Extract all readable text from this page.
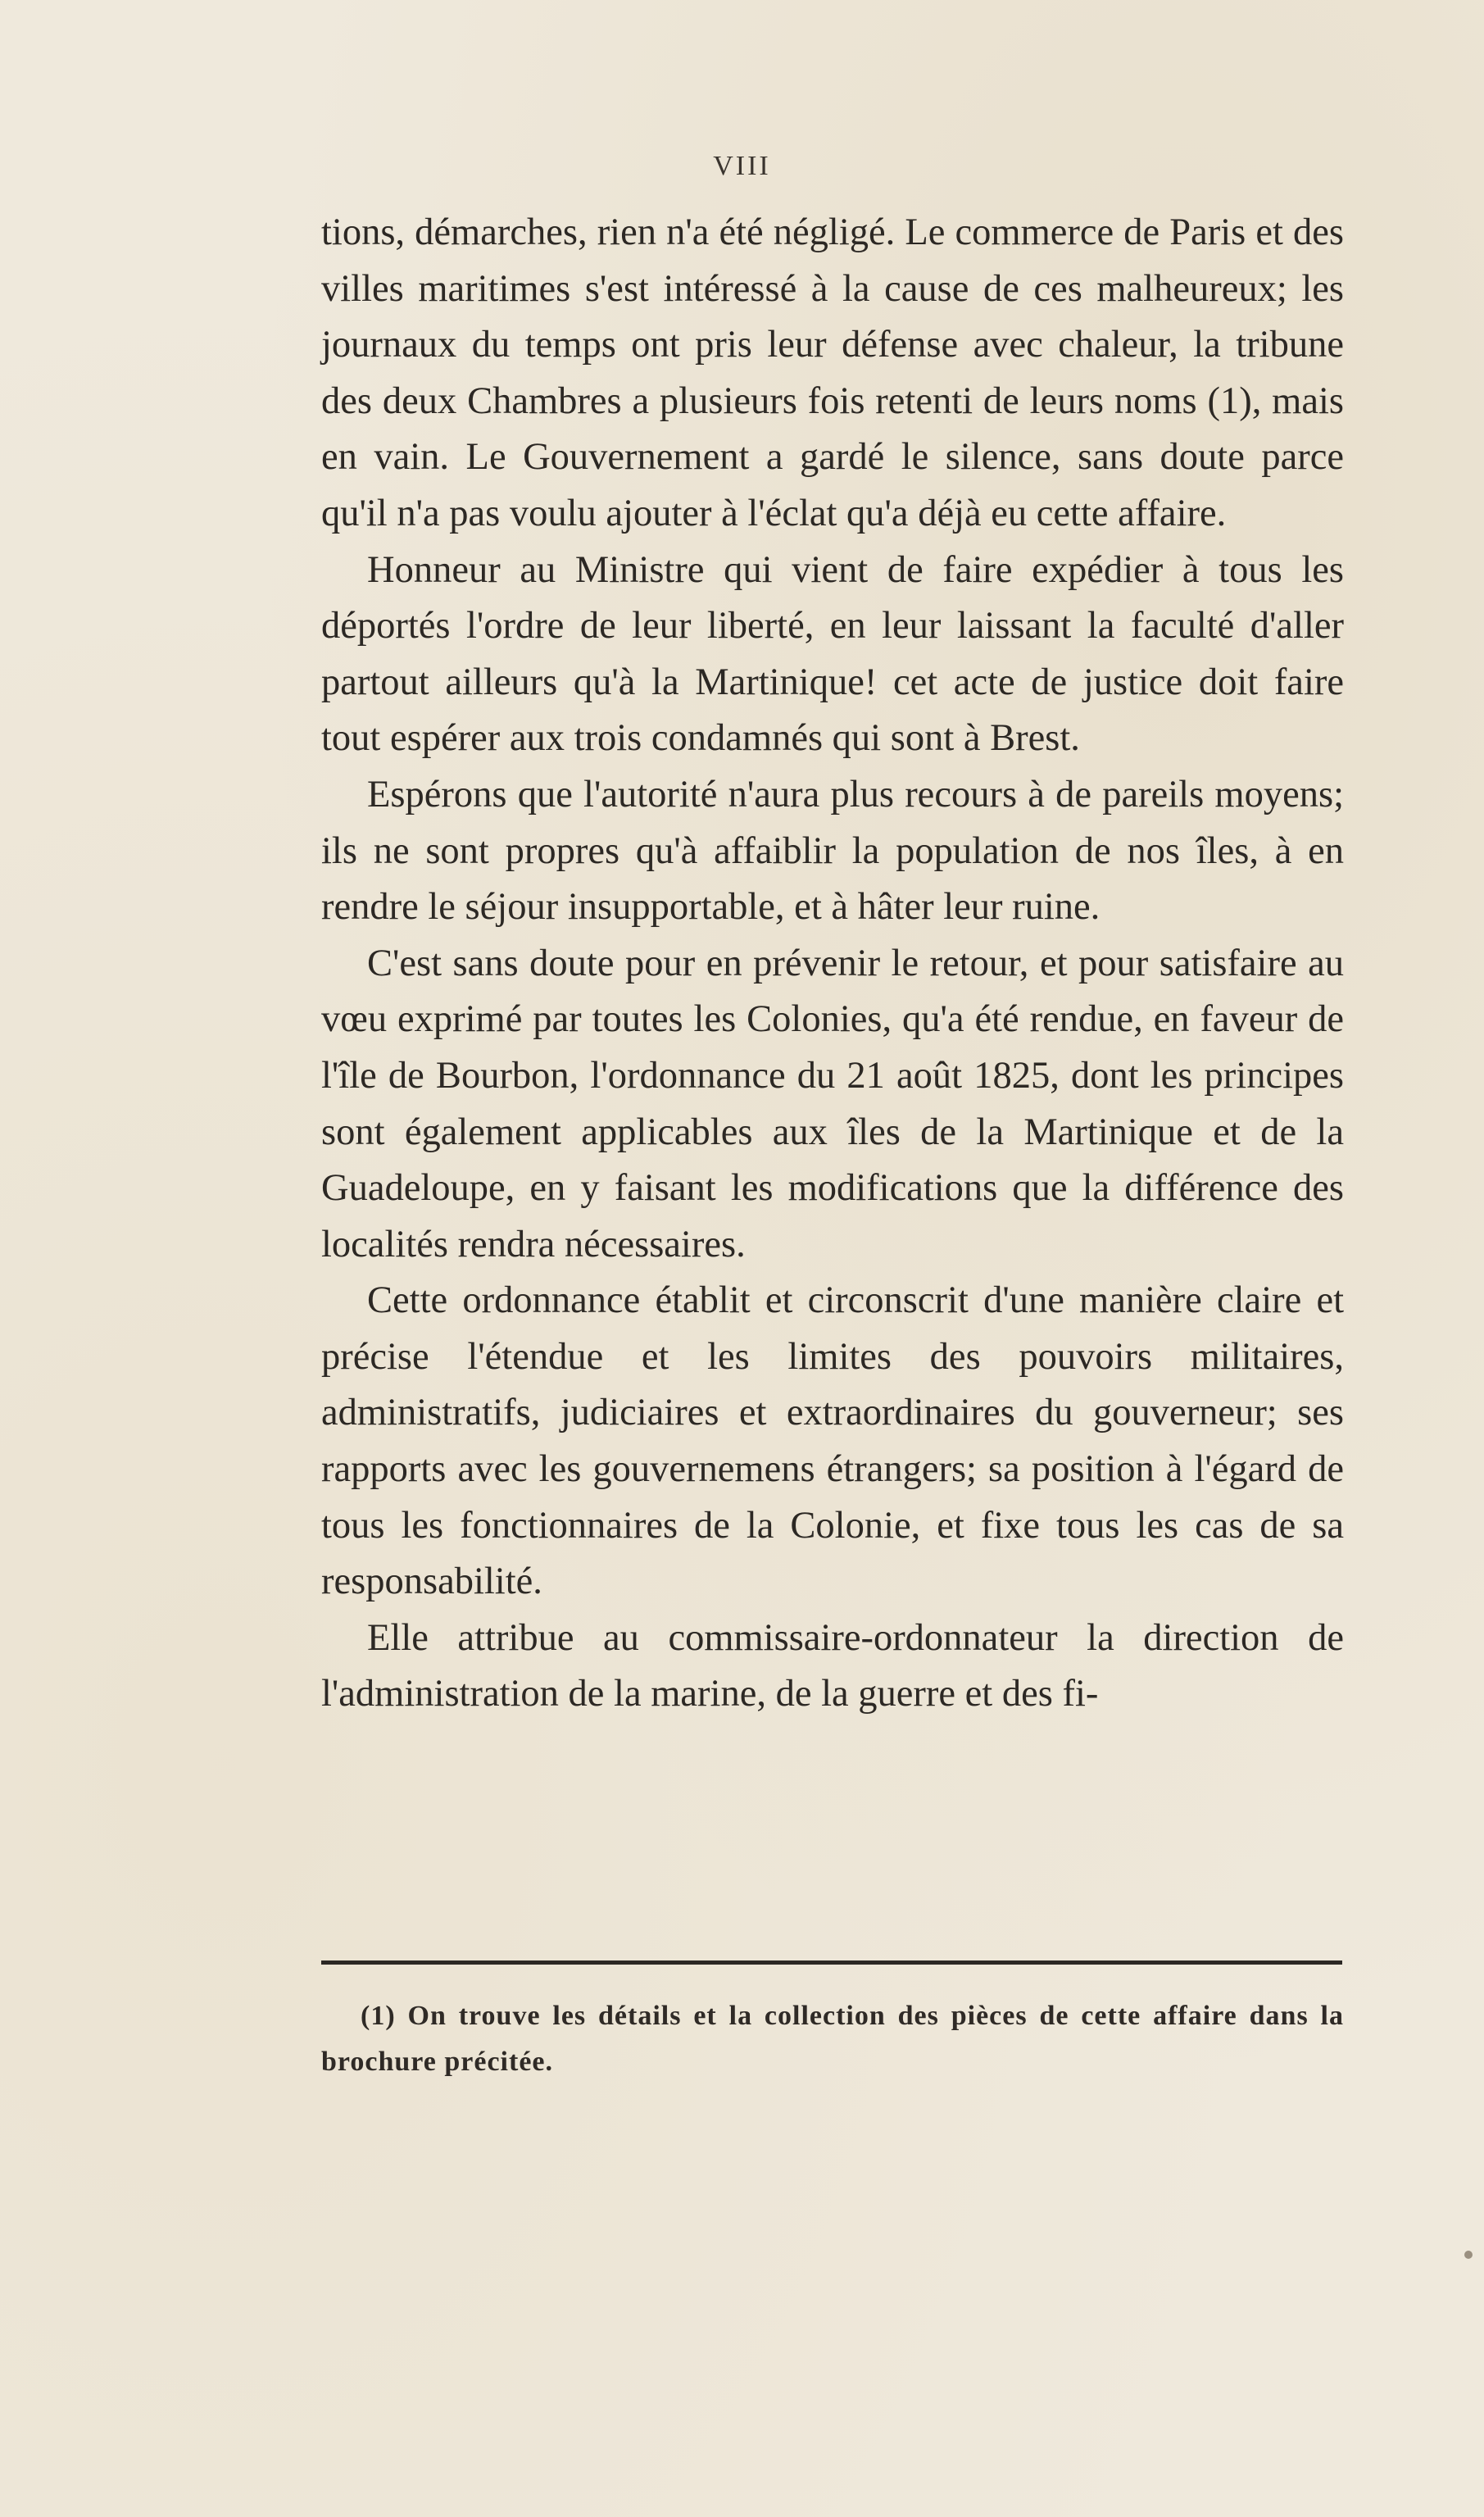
VIII

tions, démarches, rien n'a été négligé. Le commerce de Paris et des villes maritimes s'est intéressé à la cause de ces malheureux; les journaux du temps ont pris leur défense avec chaleur, la tribune des deux Chambres a plusieurs fois retenti de leurs noms (1), mais en vain. Le Gouvernement a gardé le silence, sans doute parce qu'il n'a pas voulu ajouter à l'éclat qu'a déjà eu cette affaire.

Honneur au Ministre qui vient de faire expédier à tous les déportés l'ordre de leur liberté, en leur laissant la faculté d'aller partout ailleurs qu'à la Martinique! cet acte de justice doit faire tout espérer aux trois condamnés qui sont à Brest.

Espérons que l'autorité n'aura plus recours à de pareils moyens; ils ne sont propres qu'à affaiblir la population de nos îles, à en rendre le séjour insupportable, et à hâter leur ruine.

C'est sans doute pour en prévenir le retour, et pour satisfaire au vœu exprimé par toutes les Colonies, qu'a été rendue, en faveur de l'île de Bourbon, l'ordonnance du 21 août 1825, dont les principes sont également applicables aux îles de la Martinique et de la Guadeloupe, en y faisant les modifications que la différence des localités rendra nécessaires.

Cette ordonnance établit et circonscrit d'une manière claire et précise l'étendue et les limites des pouvoirs militaires, administratifs, judiciaires et extraordinaires du gouverneur; ses rapports avec les gouvernemens étrangers; sa position à l'égard de tous les fonctionnaires de la Colonie, et fixe tous les cas de sa responsabilité.

Elle attribue au commissaire-ordonnateur la direction de l'administration de la marine, de la guerre et des fi-

(1) On trouve les détails et la collection des pièces de cette affaire dans la brochure précitée.
